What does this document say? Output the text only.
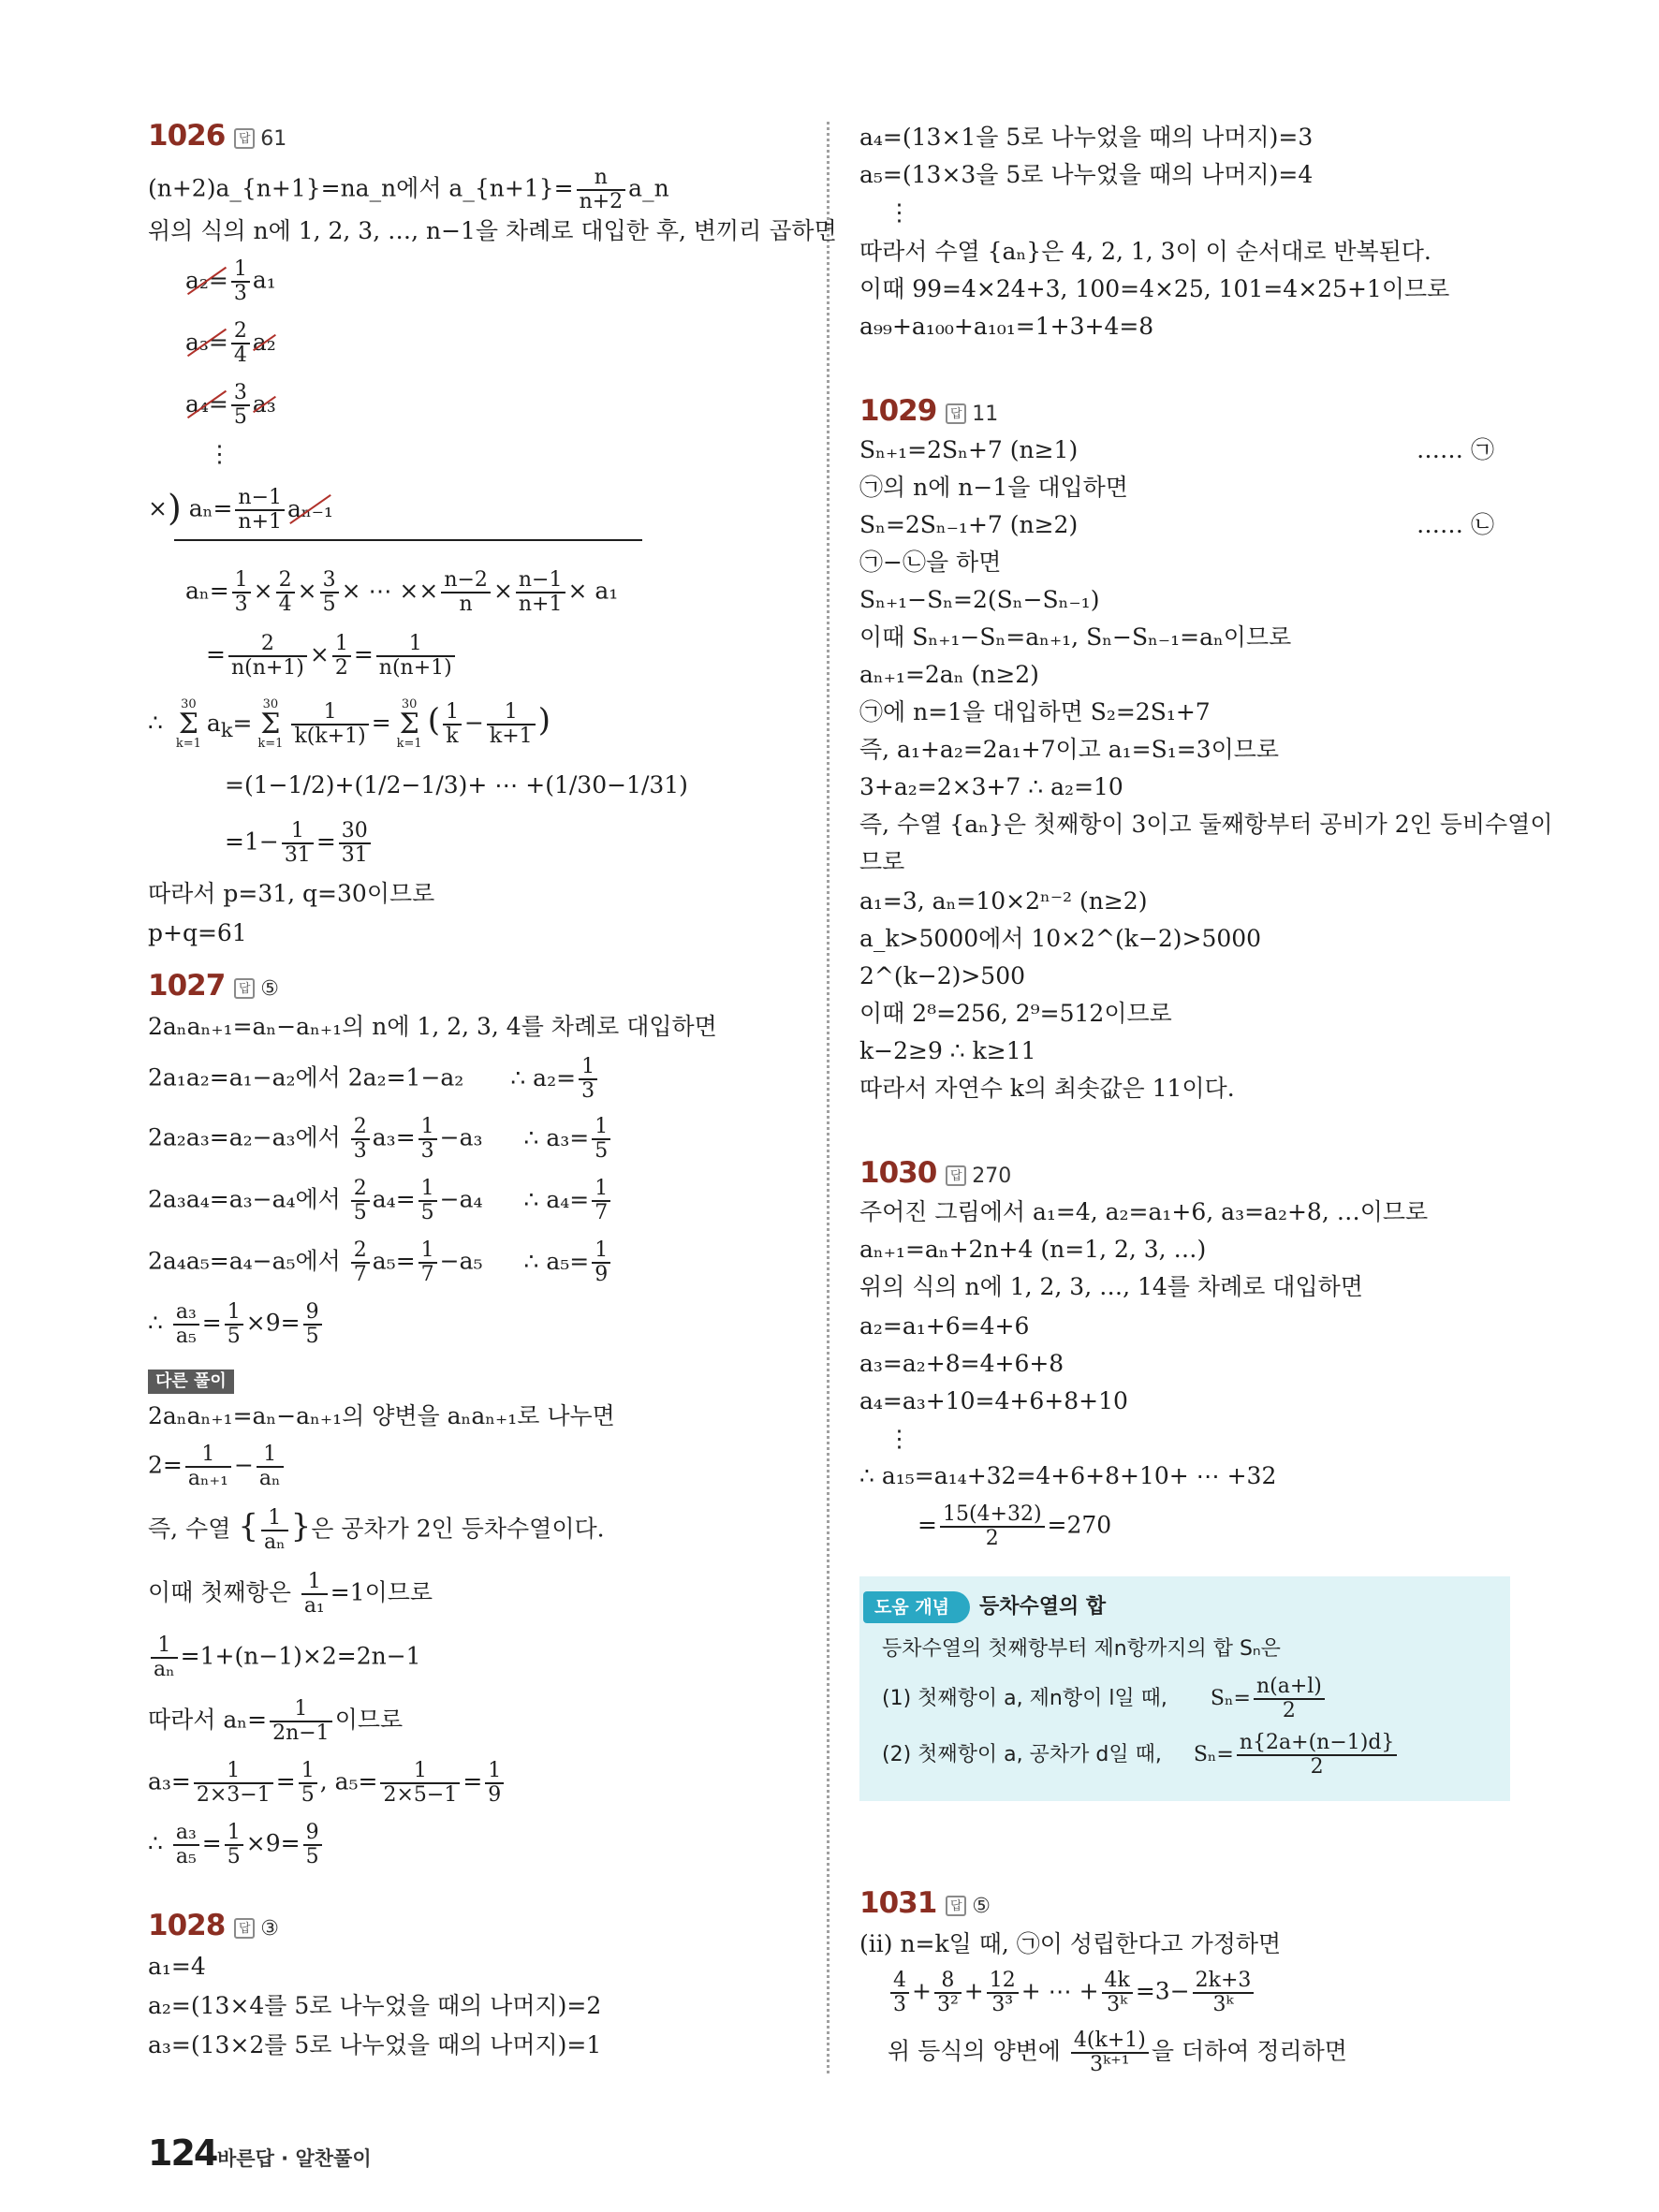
1026 답 61
(n+2)a_{n+1}=na_n에서 a_{n+1}= $\frac{n}{n+2}$ a_n
위의 식의 n에 1, 2, 3, …, n−1을 차례로 대입한 후, 변끼리 곱하면
$a_2= \frac{1}{3} a_1$
$a_3= \frac{2}{4} a_2$
$a_4= \frac{3}{5} a_3$
⋮
×) $a_n= \frac{n-1}{n+1} a_{n-1}$
$a_n= \frac{1}{3} \times \frac{2}{4} \times \frac{3}{5}$ × ⋯ ×× $\frac{n-2}{n} \times \frac{n-1}{n+1} \times a_1$
= $\frac{2}{n(n+1)} \times \frac{1}{2} = \frac{1}{n(n+1)}$
∴
30
Σ
k=1
$a_k=$
30
Σ
$k=1 \frac{1}{k(k+1)}$ =
30
Σ
k=1
( $\frac{1}{k} - \frac{1}{k+1}$ )
=(1−1/2)+(1/2−1/3)+ ⋯ +(1/30−1/31)
$=1- \frac{1}{31} = \frac{30}{31}$
따라서 p=31, q=30이므로
p+q=61
1027 답 ⑤
2aₙaₙ₊₁=aₙ−aₙ₊₁의 n에 1, 2, 3, 4를 차례로 대입하면
2a₁a₂=a₁−a₂에서 2a₂=1−a₂ ∴ $a_2= \frac{1}{3}$
2a₂a₃=a₂−a₃에서 $\frac{2}{3} a_3= \frac{1}{3} -a_3$ ∴ $a_3= \frac{1}{5}$
2a₃a₄=a₃−a₄에서 $\frac{2}{5} a_4= \frac{1}{5} -a_4$ ∴ $a_4= \frac{1}{7}$
2a₄a₅=a₄−a₅에서 $\frac{2}{7} a_5= \frac{1}{7} -a_5$ ∴ $a_5= \frac{1}{9}$
∴ $\frac{\text{a₃}}{\text{a₅}} = \frac{1}{5} \times 9= \frac{9}{5}$
다른 풀이
2aₙaₙ₊₁=aₙ−aₙ₊₁의 양변을 aₙaₙ₊₁로 나누면
$2= \frac{1}{\text{aₙ₊₁}} - \frac{1}{\text{aₙ}}$
즉, 수열 { $\frac{1}{\text{aₙ}}$ }은 공차가 2인 등차수열이다.
이때 첫째항은 $\frac{1}{\text{a₁}} =1$이므로
$\frac{1}{\text{aₙ}} =1+(n-1)\times 2=2n-1$
따라서 $a_n= \frac{1}{2n-1}$ 이므로
$a_3= \frac{1}{2\times 3-1} = \frac{1}{5}$ , $a_5= \frac{1}{2\times 5-1} = \frac{1}{9}$
∴ $\frac{\text{a₃}}{\text{a₅}} = \frac{1}{5} \times 9= \frac{9}{5}$
1028 답 ③
a₁=4
a₂=(13×4를 5로 나누었을 때의 나머지)=2
a₃=(13×2를 5로 나누었을 때의 나머지)=1
a₄=(13×1을 5로 나누었을 때의 나머지)=3
a₅=(13×3을 5로 나누었을 때의 나머지)=4
⋮
따라서 수열 {aₙ}은 4, 2, 1, 3이 이 순서대로 반복된다.
이때 99=4×24+3, 100=4×25, 101=4×25+1이므로
a₉₉+a₁₀₀+a₁₀₁=1+3+4=8
1029 답 11
Sₙ₊₁=2Sₙ+7 (n≥1)	…… ㉠
㉠의 n에 n−1을 대입하면
Sₙ=2Sₙ₋₁+7 (n≥2)	…… ㉡
㉠−㉡을 하면
Sₙ₊₁−Sₙ=2(Sₙ−Sₙ₋₁)
이때 Sₙ₊₁−Sₙ=aₙ₊₁, Sₙ−Sₙ₋₁=aₙ이므로
aₙ₊₁=2aₙ (n≥2)
㉠에 n=1을 대입하면 S₂=2S₁+7
즉, a₁+a₂=2a₁+7이고 a₁=S₁=3이므로
3+a₂=2×3+7 ∴ a₂=10
즉, 수열 {aₙ}은 첫째항이 3이고 둘째항부터 공비가 2인 등비수열이
므로
a₁=3, aₙ=10×2ⁿ⁻² (n≥2)
a_k>5000에서 10×2^(k−2)>5000
2^(k−2)>500
이때 2⁸=256, 2⁹=512이므로
k−2≥9 ∴ k≥11
따라서 자연수 k의 최솟값은 11이다.
1030 답 270
주어진 그림에서 a₁=4, a₂=a₁+6, a₃=a₂+8, …이므로
aₙ₊₁=aₙ+2n+4 (n=1, 2, 3, …)
위의 식의 n에 1, 2, 3, …, 14를 차례로 대입하면
a₂=a₁+6=4+6
a₃=a₂+8=4+6+8
a₄=a₃+10=4+6+8+10
⋮
∴ a₁₅=a₁₄+32=4+6+8+10+ ⋯ +32
= $\frac{15(4+32)}{2} =270$
도움 개념	등차수열의 합
등차수열의 첫째항부터 제n항까지의 합 Sₙ은
(1) 첫째항이 a, 제n항이 l일 때, $S_n= \frac{n(a+l)}{2}$
(2) 첫째항이 a, 공차가 d일 때, $S_n= \frac{n\{2a+(n-1)d\}}{2}$
1031 답 ⑤
(ii) n=k일 때, ㉠이 성립한다고 가정하면
$\frac{4}{3} + \frac{8}{\text{3²}} + \frac{12}{\text{3³}}$ + ⋯ + $\frac{4k}{\text{3ᵏ}} =3- \frac{2k+3}{\text{3ᵏ}}$
위 등식의 양변에 $\frac{4(k+1)}{\text{3ᵏ⁺¹}}$ 을 더하여 정리하면
124 바른답 · 알찬풀이
